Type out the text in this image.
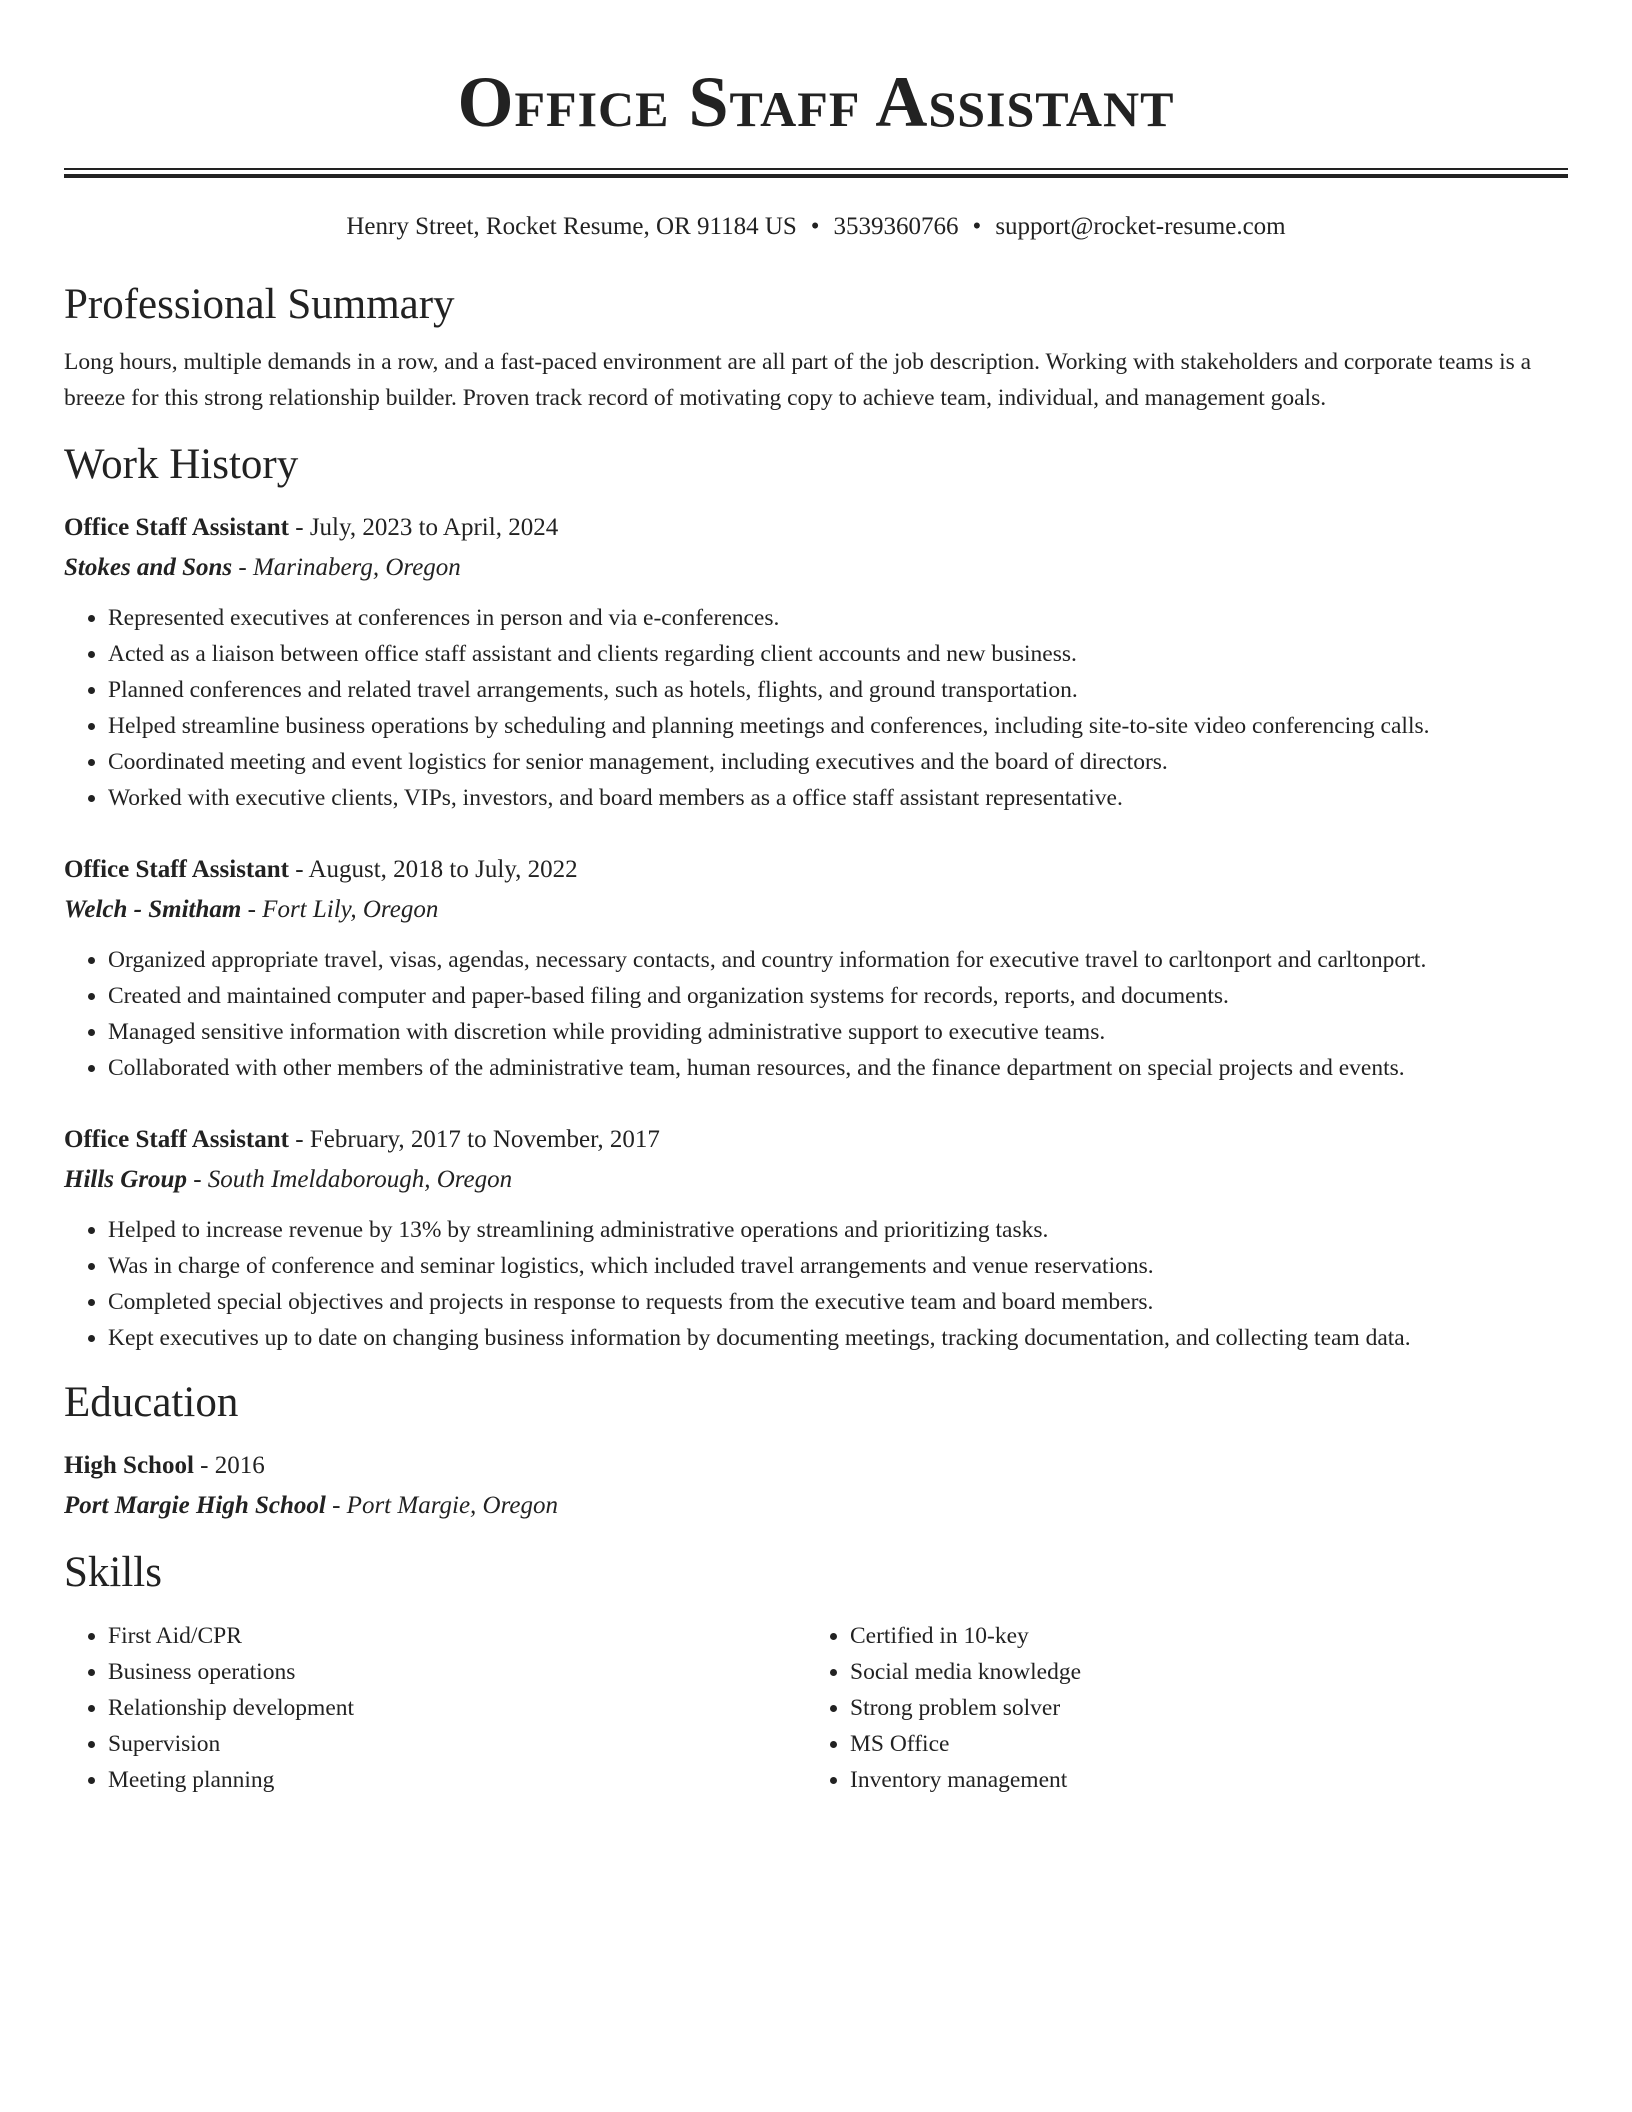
Office Staff Assistant
Henry Street, Rocket Resume, OR 91184 US • 3539360766 • support@rocket-resume.com
Professional Summary

Long hours, multiple demands in a row, and a fast-paced environment are all part of the job description. Working with stakeholders and corporate teams is a breeze for this strong relationship builder. Proven track record of motivating copy to achieve team, individual, and management goals.

Work History
Office Staff Assistant - July, 2023 to April, 2024
Stokes and Sons - Marinaberg, Oregon
• Represented executives at conferences in person and via e-conferences.
• Acted as a liaison between office staff assistant and clients regarding client accounts and new business.
• Planned conferences and related travel arrangements, such as hotels, flights, and ground transportation.
• Helped streamline business operations by scheduling and planning meetings and conferences, including site-to-site video conferencing calls.
• Coordinated meeting and event logistics for senior management, including executives and the board of directors.
• Worked with executive clients, VIPs, investors, and board members as a office staff assistant representative.
Office Staff Assistant - August, 2018 to July, 2022
Welch - Smitham - Fort Lily, Oregon
• Organized appropriate travel, visas, agendas, necessary contacts, and country information for executive travel to carltonport and carltonport.
• Created and maintained computer and paper-based filing and organization systems for records, reports, and documents.
• Managed sensitive information with discretion while providing administrative support to executive teams.
• Collaborated with other members of the administrative team, human resources, and the finance department on special projects and events.
Office Staff Assistant - February, 2017 to November, 2017
Hills Group - South Imeldaborough, Oregon
• Helped to increase revenue by 13% by streamlining administrative operations and prioritizing tasks.
• Was in charge of conference and seminar logistics, which included travel arrangements and venue reservations.
• Completed special objectives and projects in response to requests from the executive team and board members.
• Kept executives up to date on changing business information by documenting meetings, tracking documentation, and collecting team data.
Education
High School - 2016
Port Margie High School - Port Margie, Oregon
Skills
• First Aid/CPR
• Business operations
• Relationship development
• Supervision
• Meeting planning
• Certified in 10-key
• Social media knowledge
• Strong problem solver
• MS Office
• Inventory management
